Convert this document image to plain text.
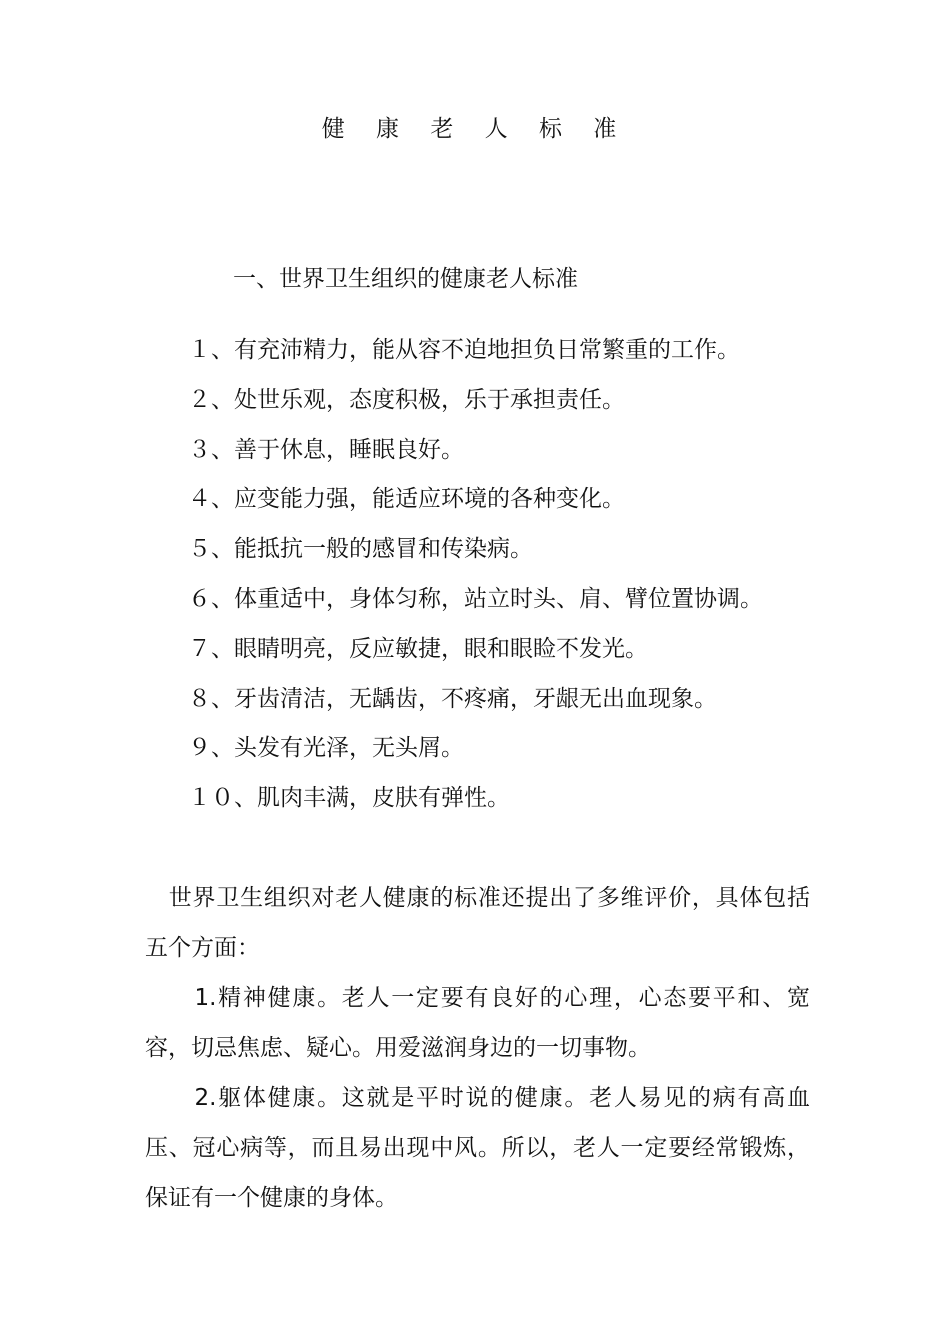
健 康 老 人 标 准
一、世界卫生组织的健康老人标准
１、有充沛精力，能从容不迫地担负日常繁重的工作。
２、处世乐观，态度积极，乐于承担责任。
３、善于休息，睡眠良好。
４、应变能力强，能适应环境的各种变化。
５、能抵抗一般的感冒和传染病。
６、体重适中，身体匀称，站立时头、肩、臂位置协调。
７、眼睛明亮，反应敏捷，眼和眼睑不发光。
８、牙齿清洁，无龋齿，不疼痛，牙龈无出血现象。
９、头发有光泽，无头屑。
１０、肌肉丰满，皮肤有弹性。

　世界卫生组织对老人健康的标准还提出了多维评价，具体包括五个方面：

　　1.精神健康。老人一定要有良好的心理，心态要平和、宽容，切忌焦虑、疑心。用爱滋润身边的一切事物。

　　2.躯体健康。这就是平时说的健康。老人易见的病有高血压、冠心病等，而且易出现中风。所以，老人一定要经常锻炼，保证有一个健康的身体。
